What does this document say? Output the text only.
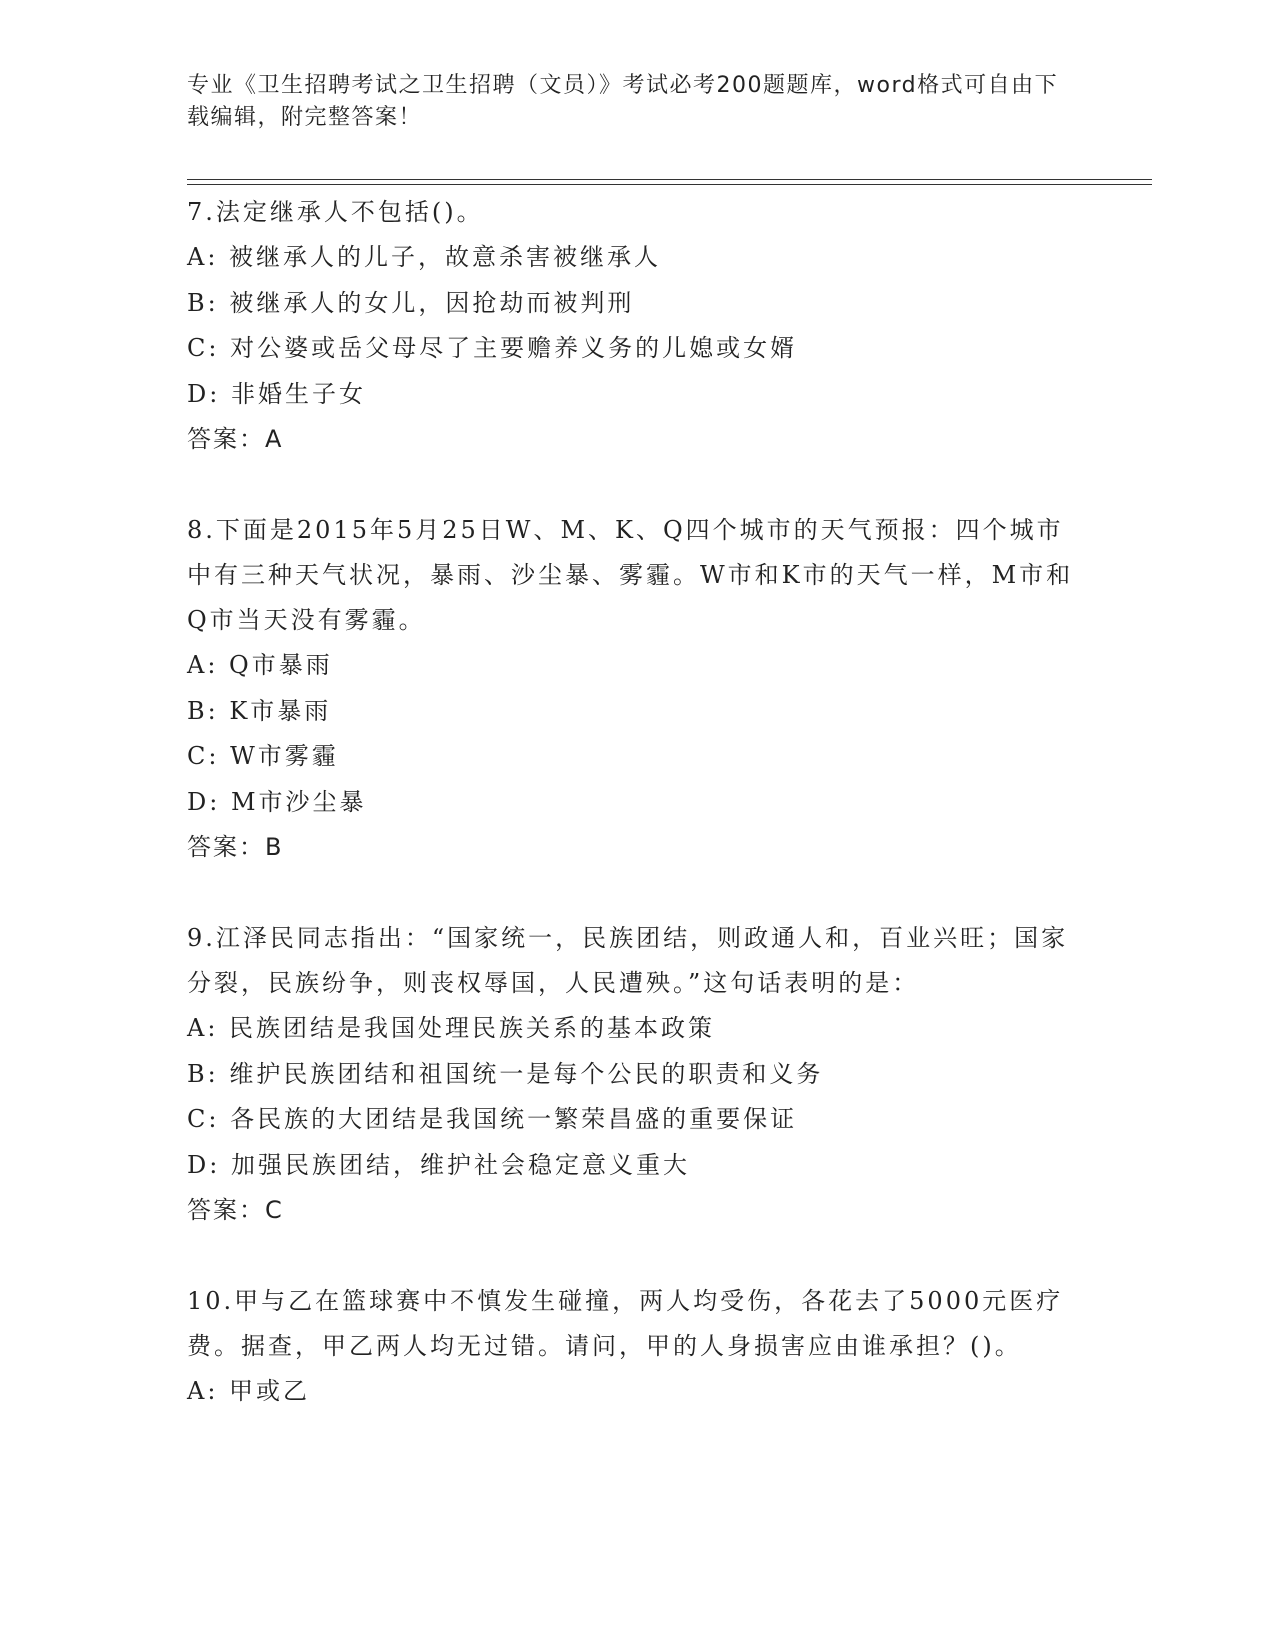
专业《卫生招聘考试之卫生招聘（文员）》考试必考200题题库，word格式可自由下载编辑，附完整答案！

7.法定继承人不包括()。

A: 被继承人的儿子，故意杀害被继承人

B: 被继承人的女儿，因抢劫而被判刑

C: 对公婆或岳父母尽了主要赡养义务的儿媳或女婿

D: 非婚生子女

答案：A

8.下面是2015年5月25日W、M、K、Q四个城市的天气预报：四个城市中有三种天气状况，暴雨、沙尘暴、雾霾。W市和K市的天气一样，M市和Q市当天没有雾霾。

A: Q市暴雨

B: K市暴雨

C: W市雾霾

D: M市沙尘暴

答案：B

9.江泽民同志指出：“国家统一，民族团结，则政通人和，百业兴旺；国家分裂，民族纷争，则丧权辱国，人民遭殃。”这句话表明的是：

A: 民族团结是我国处理民族关系的基本政策

B: 维护民族团结和祖国统一是每个公民的职责和义务

C: 各民族的大团结是我国统一繁荣昌盛的重要保证

D: 加强民族团结，维护社会稳定意义重大

答案：C

10.甲与乙在篮球赛中不慎发生碰撞，两人均受伤，各花去了5000元医疗费。据查，甲乙两人均无过错。请问，甲的人身损害应由谁承担？()。

A: 甲或乙
